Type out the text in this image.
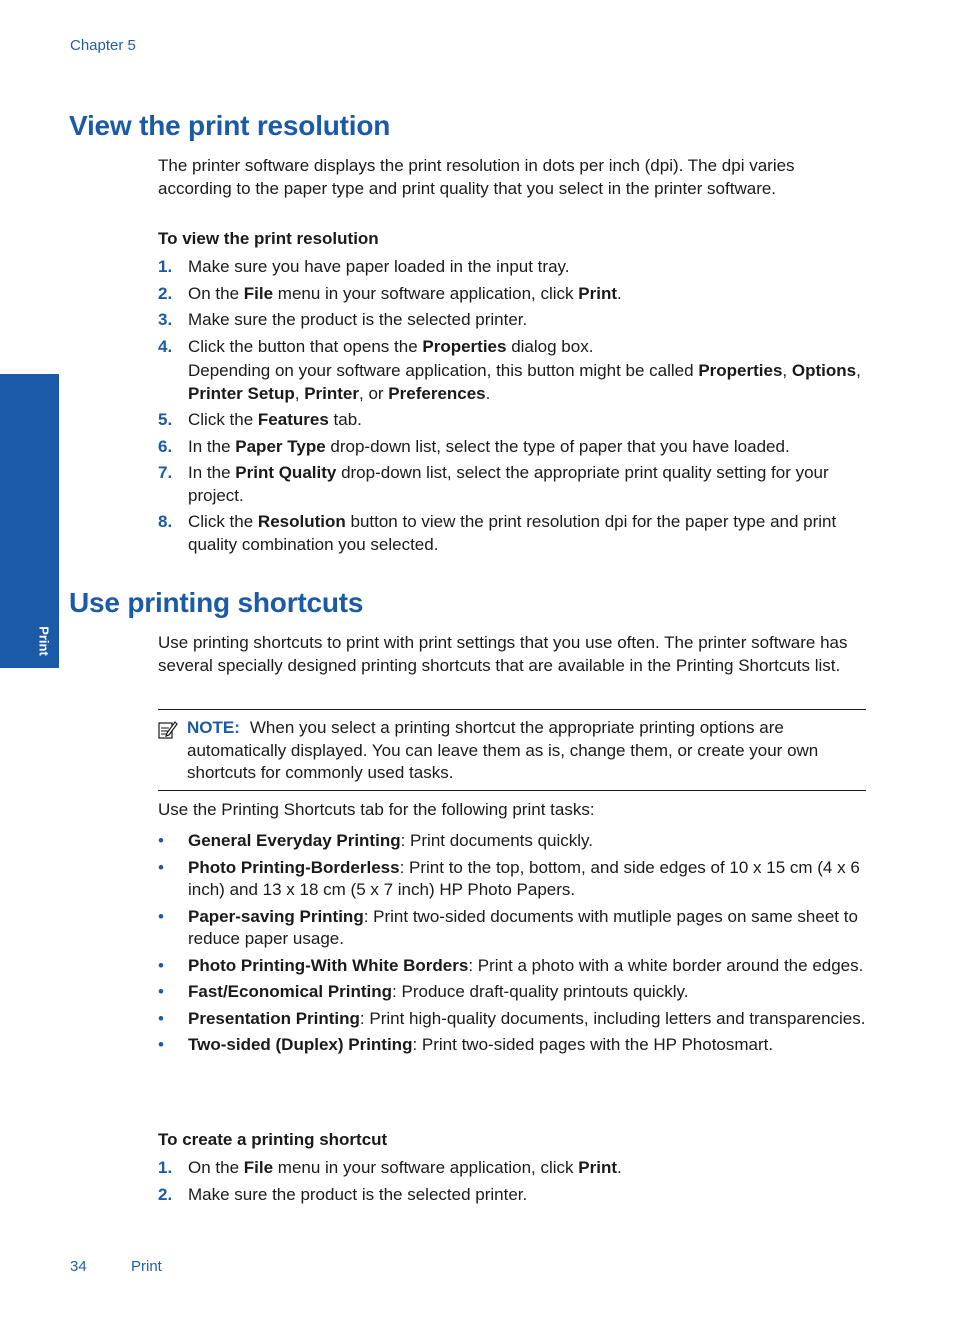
Chapter 5
Print
View the print resolution
The printer software displays the print resolution in dots per inch (dpi). The dpi varies according to the paper type and print quality that you select in the printer software.
To view the print resolution
1. Make sure you have paper loaded in the input tray.
2. On the File menu in your software application, click Print.
3. Make sure the product is the selected printer.
4. Click the button that opens the Properties dialog box.
Depending on your software application, this button might be called Properties, Options, Printer Setup, Printer, or Preferences.
5. Click the Features tab.
6. In the Paper Type drop-down list, select the type of paper that you have loaded.
7. In the Print Quality drop-down list, select the appropriate print quality setting for your project.
8. Click the Resolution button to view the print resolution dpi for the paper type and print quality combination you selected.
Use printing shortcuts
Use printing shortcuts to print with print settings that you use often. The printer software has several specially designed printing shortcuts that are available in the Printing Shortcuts list.
NOTE: When you select a printing shortcut the appropriate printing options are automatically displayed. You can leave them as is, change them, or create your own shortcuts for commonly used tasks.
Use the Printing Shortcuts tab for the following print tasks:
• General Everyday Printing: Print documents quickly.
• Photo Printing-Borderless: Print to the top, bottom, and side edges of 10 x 15 cm (4 x 6 inch) and 13 x 18 cm (5 x 7 inch) HP Photo Papers.
• Paper-saving Printing: Print two-sided documents with mutliple pages on same sheet to reduce paper usage.
• Photo Printing-With White Borders: Print a photo with a white border around the edges.
• Fast/Economical Printing: Produce draft-quality printouts quickly.
• Presentation Printing: Print high-quality documents, including letters and transparencies.
• Two-sided (Duplex) Printing: Print two-sided pages with the HP Photosmart.
To create a printing shortcut
1. On the File menu in your software application, click Print.
2. Make sure the product is the selected printer.
34	Print
